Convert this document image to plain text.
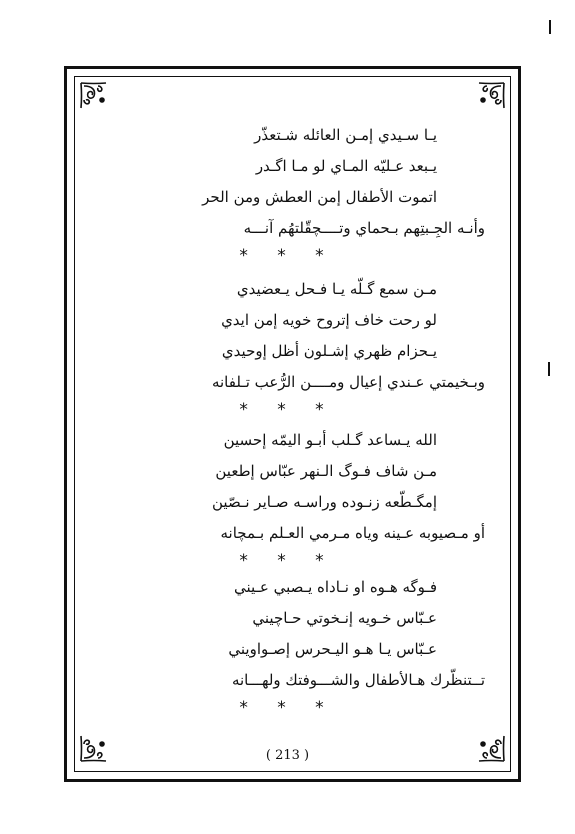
يـا سـيدي إمـن العائله شـتعذّر
يـبعد عـليّه المـاي لو مـا اگـدر
اتموت الأطفال إمن العطش ومن الحر
وأنـه الجِـبتِهم بـحماي وتــــچقّلتهُم آنـــه
* * *
مـن سمع گـلّه يـا فـحل يـعضيدي
لو رحت خاف إتروح خويه إمن ايدي
يـحزام ظهري إشـلون أظل إوحيدي
وبـخيمتي عـندي إعيال ومــــن الرُّعب تـلفانه
* * *
الله يـساعد گـلب أبـو اليمّه إحسين
مـن شاف فـوگ الـنهر عبّاس إطعين
إمگـطّعه زنـوده وراسـه صـاير نـصّين
أو مـصيوبه عـينه وياه مـرمي العـلم بـمچانه
* * *
فـوگه هـوه او نـاداه يـصبي عـيني
عـبّاس خـويه إنـخوتي حـاچيني
عـبّاس يـا هـو اليـحرس إصـواويني
تــتنظّرك هـالأطفال والشـــوفتك ولهـــانه
* * *
( 213 )
